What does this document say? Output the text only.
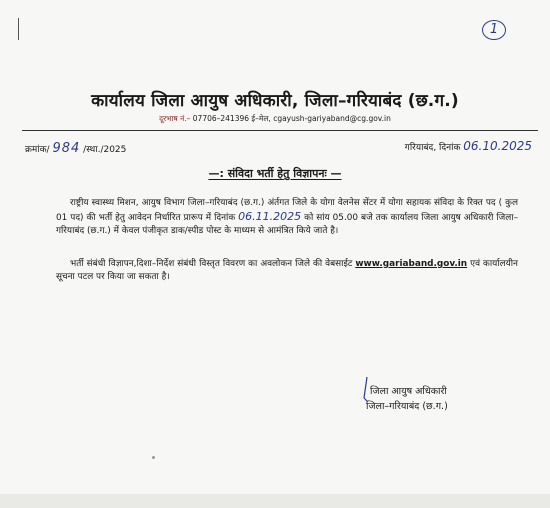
1
कार्यालय जिला आयुष अधिकारी, जिला–गरियाबंद (छ.ग.)
दूरभाष नं.– 07706–241396 ई–मेल, cgayush-gariyaband@cg.gov.in
क्रमांक/ 984 /स्था./2025	गरियाबंद, दिनांक 06.10.2025
—: संविदा भर्ती हेतु विज्ञापनः —
राष्ट्रीय स्वास्थ्य मिशन, आयुष विभाग जिला–गरियाबंद (छ.ग.) अंर्तगत जिले के योगा वेलनेस सेंटर में योगा सहायक संविदा के रिक्त पद ( कुल 01 पद) की भर्ती हेतु आवेदन निर्धारित प्रारूप में दिनांक 06.11.2025 को सांय 05.00 बजे तक कार्यालय जिला आयुष अधिकारी जिला–गरियाबंद (छ.ग.) में केवल पंजीकृत डाक/स्पीड पोस्ट के माध्यम से आमंत्रित किये जाते है।
भर्ती संबंधी विज्ञापन,दिशा–निर्देश संबंधी विस्तृत विवरण का अवलोकन जिले की वेबसाईट www.gariaband.gov.in एवं कार्यालयीन सूचना पटल पर किया जा सकता है।
जिला आयुष अधिकारी
जिला–गरियाबंद (छ.ग.)
